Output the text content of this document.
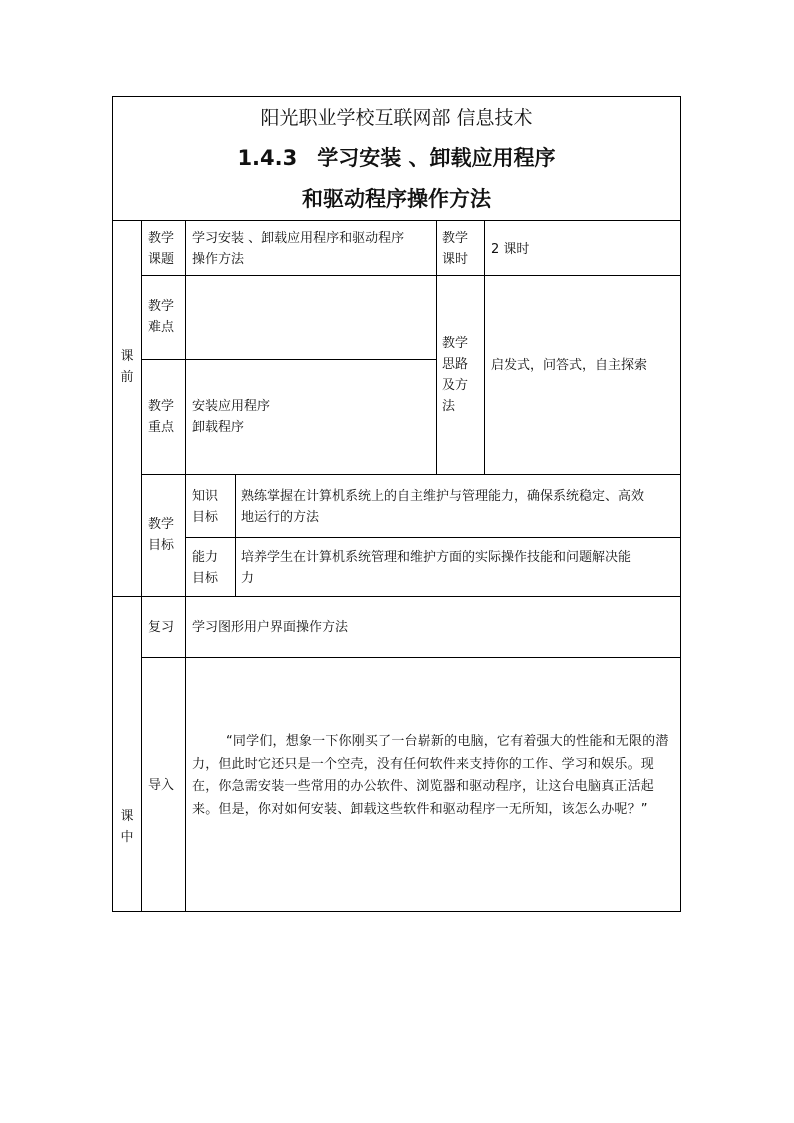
阳光职业学校互联网部 信息技术
1.4.3 学习安装 、卸载应用程序
和驱动程序操作方法
课
前
课
中
教学
课题
学习安装 、卸载应用程序和驱动程序
操作方法
教学
课时
2 课时
教学
难点
教学
思路
及方
法
启发式，问答式，自主探索
教学
重点
安装应用程序
卸载程序
教学
目标
知识
目标
熟练掌握在计算机系统上的自主维护与管理能力，确保系统稳定、高效
地运行的方法
能力
目标
培养学生在计算机系统管理和维护方面的实际操作技能和问题解决能
力
复习 学习图形用户界面操作方法
导入
“同学们，想象一下你刚买了一台崭新的电脑，它有着强大的性能和无限的潜力，但此时它还只是一个空壳，没有任何软件来支持你的工作、学习和娱乐。现在，你急需安装一些常用的办公软件、浏览器和驱动程序，让这台电脑真正活起来。但是，你对如何安装、卸载这些软件和驱动程序一无所知，该怎么办呢？”
